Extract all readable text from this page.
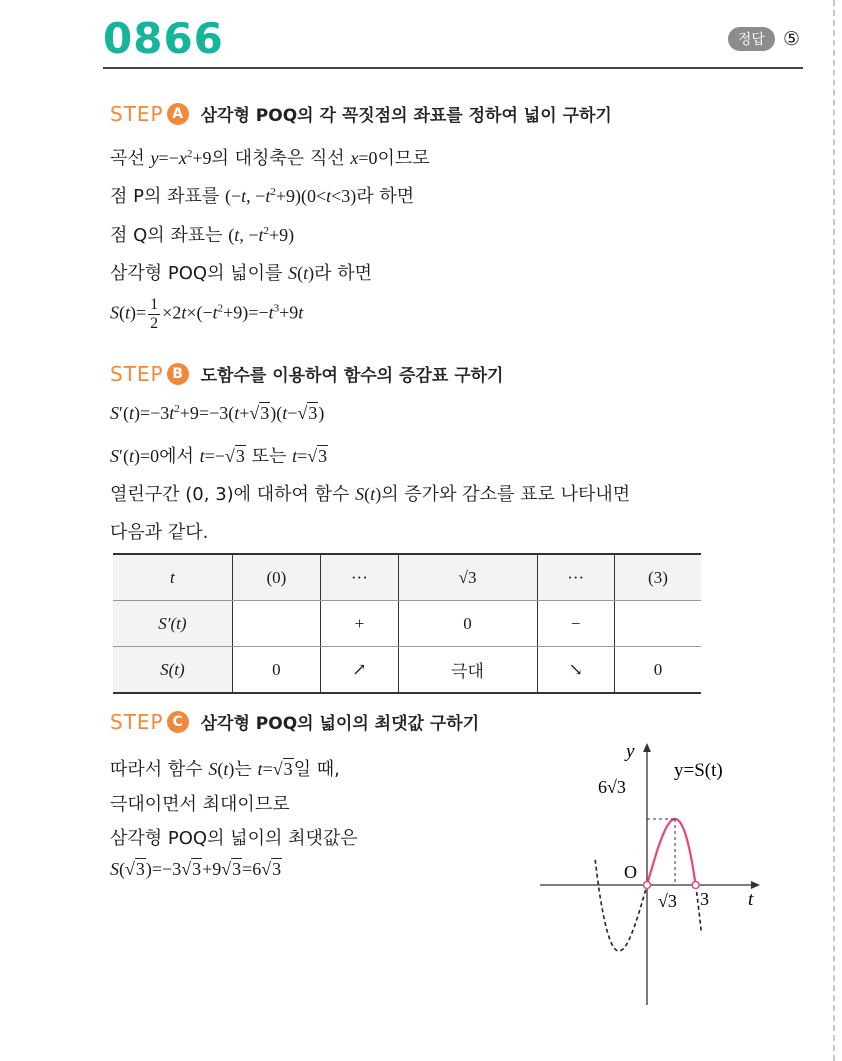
0866	정답 ⑤
STEP A	삼각형 POQ의 각 꼭짓점의 좌표를 정하여 넓이 구하기
곡선 $y=-x^2+9$의 대칭축은 직선 x=0이므로
점 P의 좌표를 (−t, $-t^2+9)(0<t<3)$라 하면
점 Q의 좌표는 (t, $-t^2+9$)
삼각형 POQ의 넓이를 S(t)라 하면
$S(t)= \frac{1}{2} \times 2t\times(-t^2+9)=-t^3+9t$
STEP B	도함수를 이용하여 함수의 증감표 구하기
$S'(t)=-3t^2+9=-3(t+√3)(t-√3)$
S′(t)=0에서 t=−√3 또는 t=√3
열린구간 (0, 3)에 대하여 함수 S(t)의 증가와 감소를 표로 나타내면
다음과 같다.
t	(0)	···	√3	···	(3)
S′(t)		+	0	−	
S(t)	0	↗	극대	↘	0
STEP C	삼각형 POQ의 넓이의 최댓값 구하기
따라서 함수 S(t)는 t=√3일 때,
극대이면서 최대이므로
삼각형 POQ의 넓이의 최댓값은
S(√3)=−3√3+9√3=6√3
y
t
O
y=S(t)
6√3
√3 3
